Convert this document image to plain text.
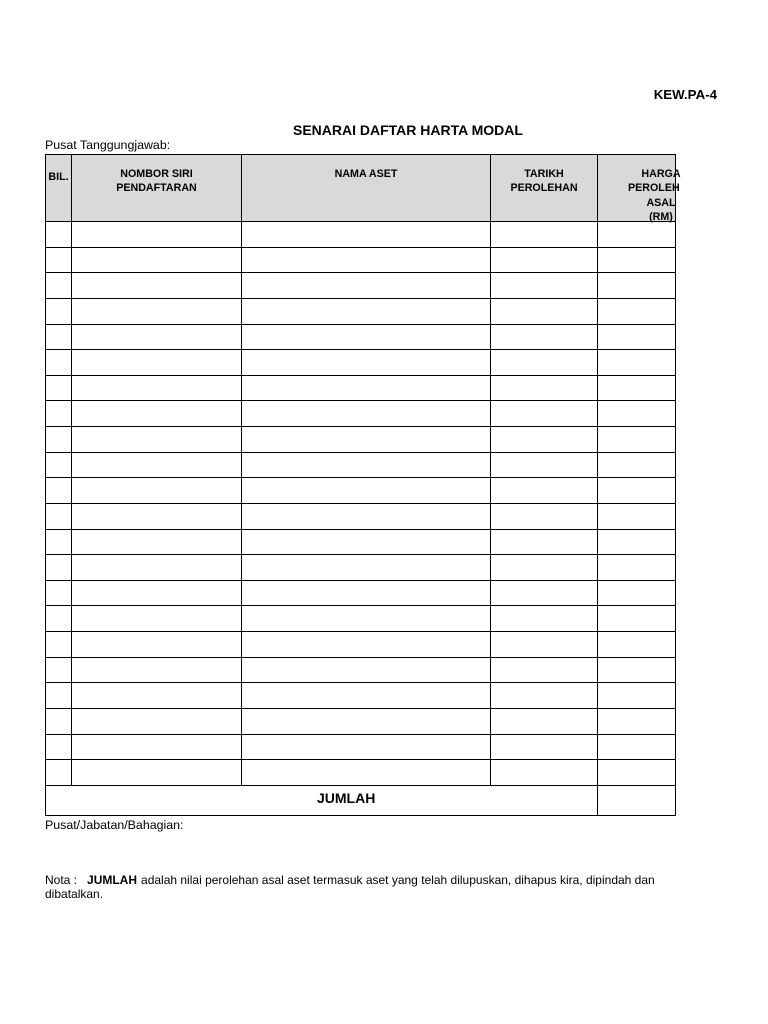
KEW.PA-4
SENARAI DAFTAR HARTA MODAL
Pusat Tanggungjawab:
BIL.	NOMBOR SIRI
PENDAFTARAN
NAMA ASET	TARIKH
PEROLEHAN
HARGA
PEROLEH
ASAL
(RM)
JUMLAH
Pusat/Jabatan/Bahagian:
Nota : JUMLAH adalah nilai perolehan asal aset termasuk aset yang telah dilupuskan, dihapus kira, dipindah dan
dibatalkan.
